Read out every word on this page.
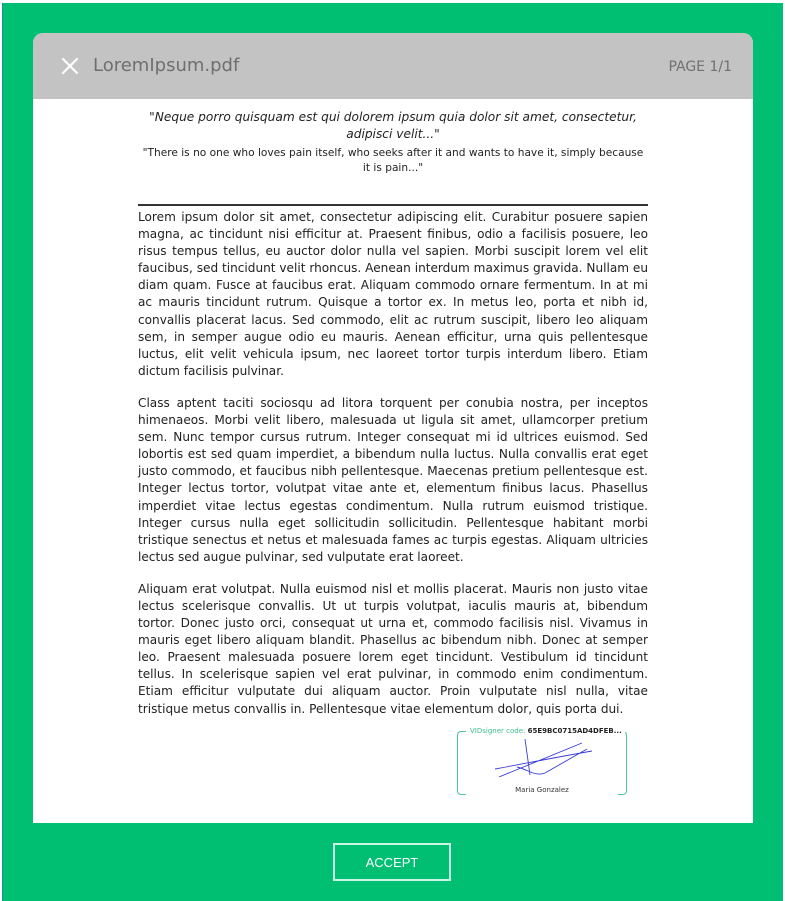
LoremIpsum.pdf	PAGE 1/1
"Neque porro quisquam est qui dolorem ipsum quia dolor sit amet, consectetur, adipisci velit..."
"There is no one who loves pain itself, who seeks after it and wants to have it, simply because it is pain..."

Lorem ipsum dolor sit amet, consectetur adipiscing elit. Curabitur posuere sapien magna, ac tincidunt nisi efficitur at. Praesent finibus, odio a facilisis posuere, leo risus tempus tellus, eu auctor dolor nulla vel sapien. Morbi suscipit lorem vel elit faucibus, sed tincidunt velit rhoncus. Aenean interdum maximus gravida. Nullam eu diam quam. Fusce at faucibus erat. Aliquam commodo ornare fermentum. In at mi ac mauris tincidunt rutrum. Quisque a tortor ex. In metus leo, porta et nibh id, convallis placerat lacus. Sed commodo, elit ac rutrum suscipit, libero leo aliquam sem, in semper augue odio eu mauris. Aenean efficitur, urna quis pellentesque luctus, elit velit vehicula ipsum, nec laoreet tortor turpis interdum libero. Etiam dictum facilisis pulvinar.

Class aptent taciti sociosqu ad litora torquent per conubia nostra, per inceptos himenaeos. Morbi velit libero, malesuada ut ligula sit amet, ullamcorper pretium sem. Nunc tempor cursus rutrum. Integer consequat mi id ultrices euismod. Sed lobortis est sed quam imperdiet, a bibendum nulla luctus. Nulla convallis erat eget justo commodo, et faucibus nibh pellentesque. Maecenas pretium pellentesque est. Integer lectus tortor, volutpat vitae ante et, elementum finibus lacus. Phasellus imperdiet vitae lectus egestas condimentum. Nulla rutrum euismod tristique. Integer cursus nulla eget sollicitudin sollicitudin. Pellentesque habitant morbi tristique senectus et netus et malesuada fames ac turpis egestas. Aliquam ultricies lectus sed augue pulvinar, sed vulputate erat laoreet.

Aliquam erat volutpat. Nulla euismod nisl et mollis placerat. Mauris non justo vitae lectus scelerisque convallis. Ut ut turpis volutpat, iaculis mauris at, bibendum tortor. Donec justo orci, consequat ut urna et, commodo facilisis nisl. Vivamus in mauris eget libero aliquam blandit. Phasellus ac bibendum nibh. Donec at semper leo. Praesent malesuada posuere lorem eget tincidunt. Vestibulum id tincidunt tellus. In scelerisque sapien vel erat pulvinar, in commodo enim condimentum. Etiam efficitur vulputate dui aliquam auctor. Proin vulputate nisl nulla, vitae tristique metus convallis in. Pellentesque vitae elementum dolor, quis porta dui.

VIDsigner code: 65E9BC0715AD4DFEB...
Maria Gonzalez
ACCEPT
